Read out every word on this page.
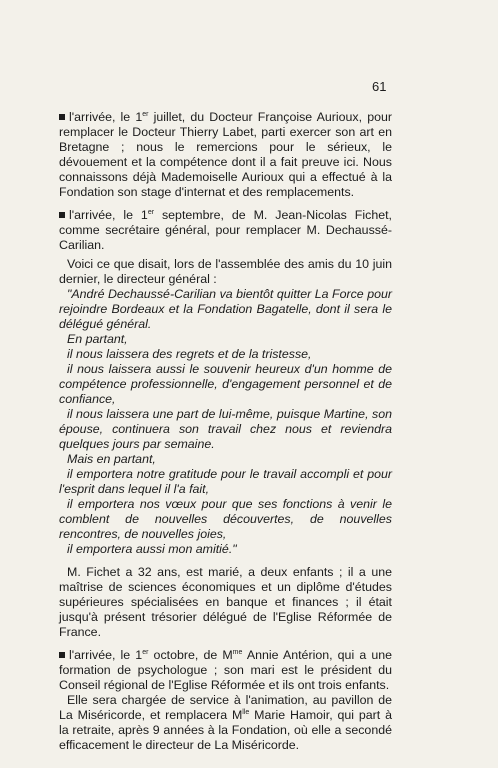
61

l'arrivée, le 1er juillet, du Docteur Françoise Aurioux, pour remplacer le Docteur Thierry Labet, parti exercer son art en Bretagne ; nous le remercions pour le sérieux, le dévouement et la compétence dont il a fait preuve ici. Nous connaissons déjà Mademoiselle Aurioux qui a effectué à la Fondation son stage d'internat et des remplacements.

l'arrivée, le 1er septembre, de M. Jean-Nicolas Fichet, comme secrétaire général, pour remplacer M. Dechaussé-Carilian.

Voici ce que disait, lors de l'assemblée des amis du 10 juin dernier, le directeur général :

"André Dechaussé-Carilian va bientôt quitter La Force pour rejoindre Bordeaux et la Fondation Bagatelle, dont il sera le délégué général.

En partant,

il nous laissera des regrets et de la tristesse,

il nous laissera aussi le souvenir heureux d'un homme de compétence professionnelle, d'engagement personnel et de confiance,

il nous laissera une part de lui-même, puisque Martine, son épouse, continuera son travail chez nous et reviendra quelques jours par semaine.

Mais en partant,

il emportera notre gratitude pour le travail accompli et pour l'esprit dans lequel il l'a fait,

il emportera nos vœux pour que ses fonctions à venir le comblent de nouvelles découvertes, de nouvelles rencontres, de nouvelles joies,

il emportera aussi mon amitié."

M. Fichet a 32 ans, est marié, a deux enfants ; il a une maîtrise de sciences économiques et un diplôme d'études supérieures spécialisées en banque et finances ; il était jusqu'à présent trésorier délégué de l'Eglise Réformée de France.

l'arrivée, le 1er octobre, de $M^{me}$ Annie Antérion, qui a une formation de psychologue ; son mari est le président du Conseil régional de l'Eglise Réformée et ils ont trois enfants.

Elle sera chargée de service à l'animation, au pavillon de La Miséricorde, et remplacera $M^{lle}$ Marie Hamoir, qui part à la retraite, après 9 années à la Fondation, où elle a secondé efficacement le directeur de La Miséricorde.
